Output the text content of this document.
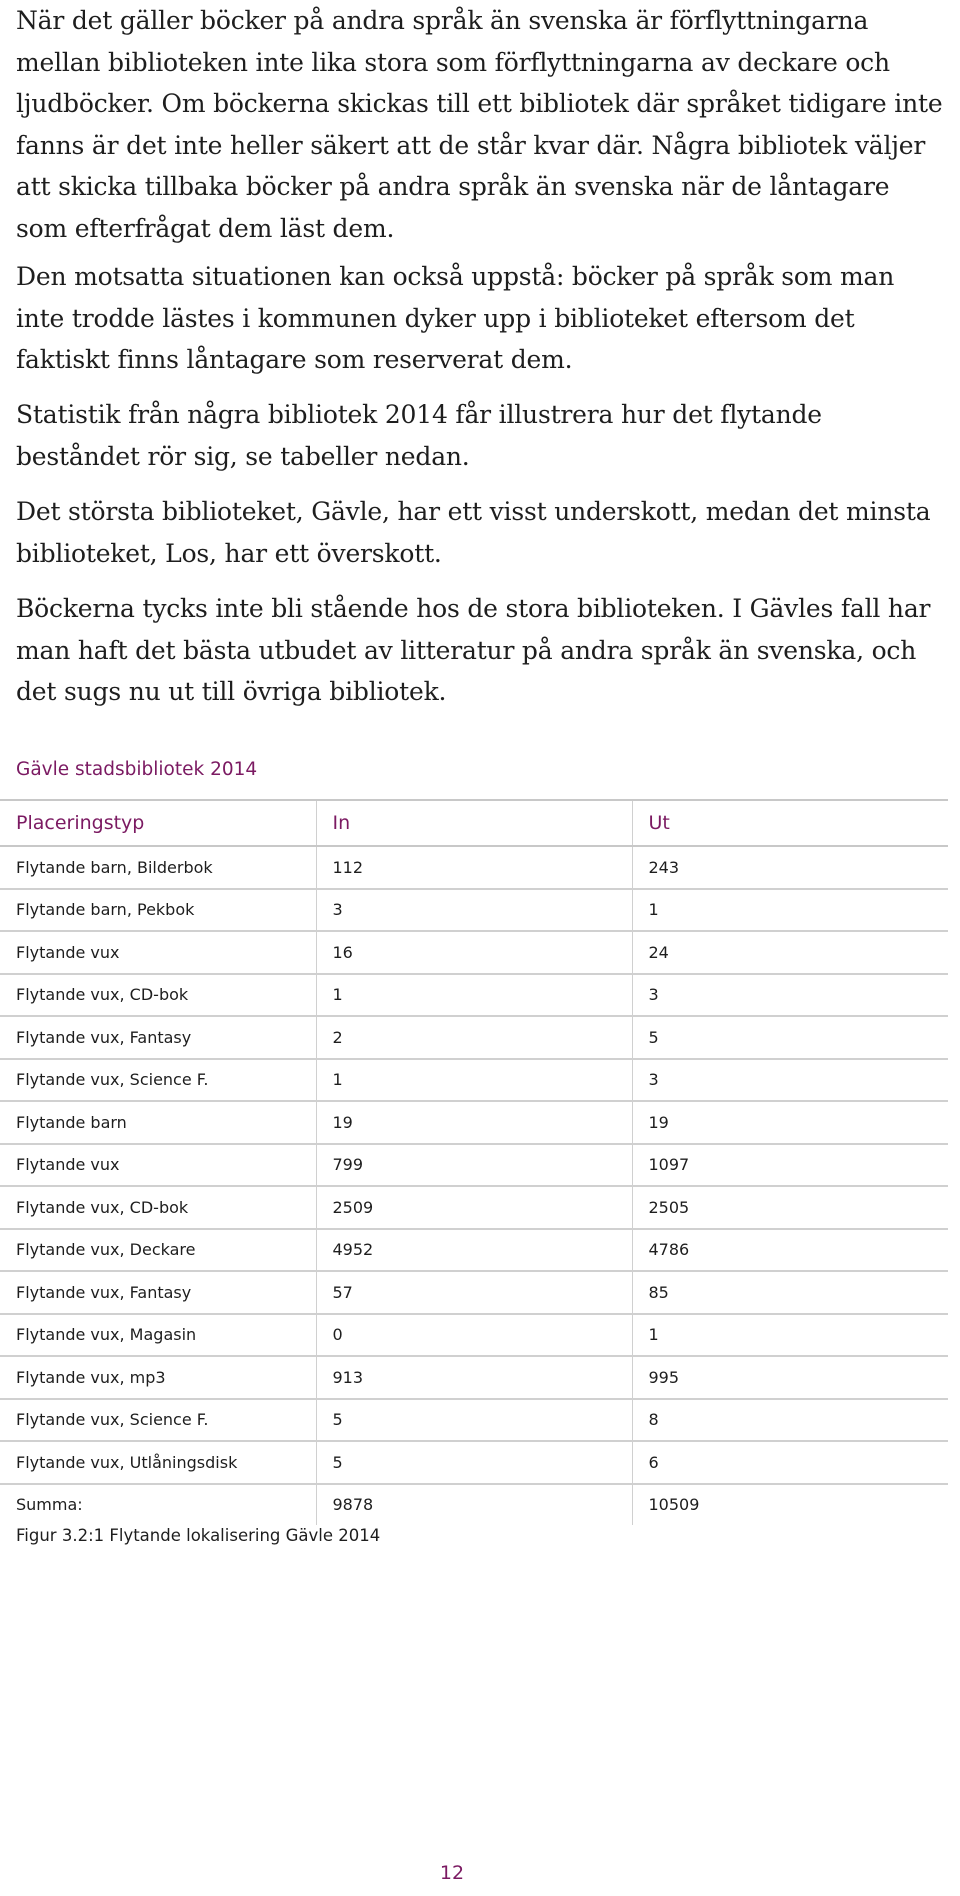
När det gäller böcker på andra språk än svenska är förflyttningarna mellan biblioteken inte lika stora som förflyttningarna av deckare och ljudböcker. Om böckerna skickas till ett bibliotek där språket tidigare inte fanns är det inte heller säkert att de står kvar där. Några bibliotek väljer att skicka tillbaka böcker på andra språk än svenska när de låntagare som efterfrågat dem läst dem.

Den motsatta situationen kan också uppstå: böcker på språk som man inte trodde lästes i kommunen dyker upp i biblioteket eftersom det faktiskt finns låntagare som reserverat dem.

Statistik från några bibliotek 2014 får illustrera hur det flytande beståndet rör sig, se tabeller nedan.

Det största biblioteket, Gävle, har ett visst underskott, medan det minsta biblioteket, Los, har ett överskott.

Böckerna tycks inte bli stående hos de stora biblioteken. I Gävles fall har man haft det bästa utbudet av litteratur på andra språk än svenska, och det sugs nu ut till övriga bibliotek.

Gävle stadsbibliotek 2014

Placeringstyp	In	Ut
Flytande barn, Bilderbok	112	243
Flytande barn, Pekbok	3	1
Flytande vux	16	24
Flytande vux, CD-bok	1	3
Flytande vux, Fantasy	2	5
Flytande vux, Science F.	1	3
Flytande barn	19	19
Flytande vux	799	1097
Flytande vux, CD-bok	2509	2505
Flytande vux, Deckare	4952	4786
Flytande vux, Fantasy	57	85
Flytande vux, Magasin	0	1
Flytande vux, mp3	913	995
Flytande vux, Science F.	5	8
Flytande vux, Utlåningsdisk	5	6
Summa:	9878	10509

Figur 3.2:1 Flytande lokalisering Gävle 2014

12
